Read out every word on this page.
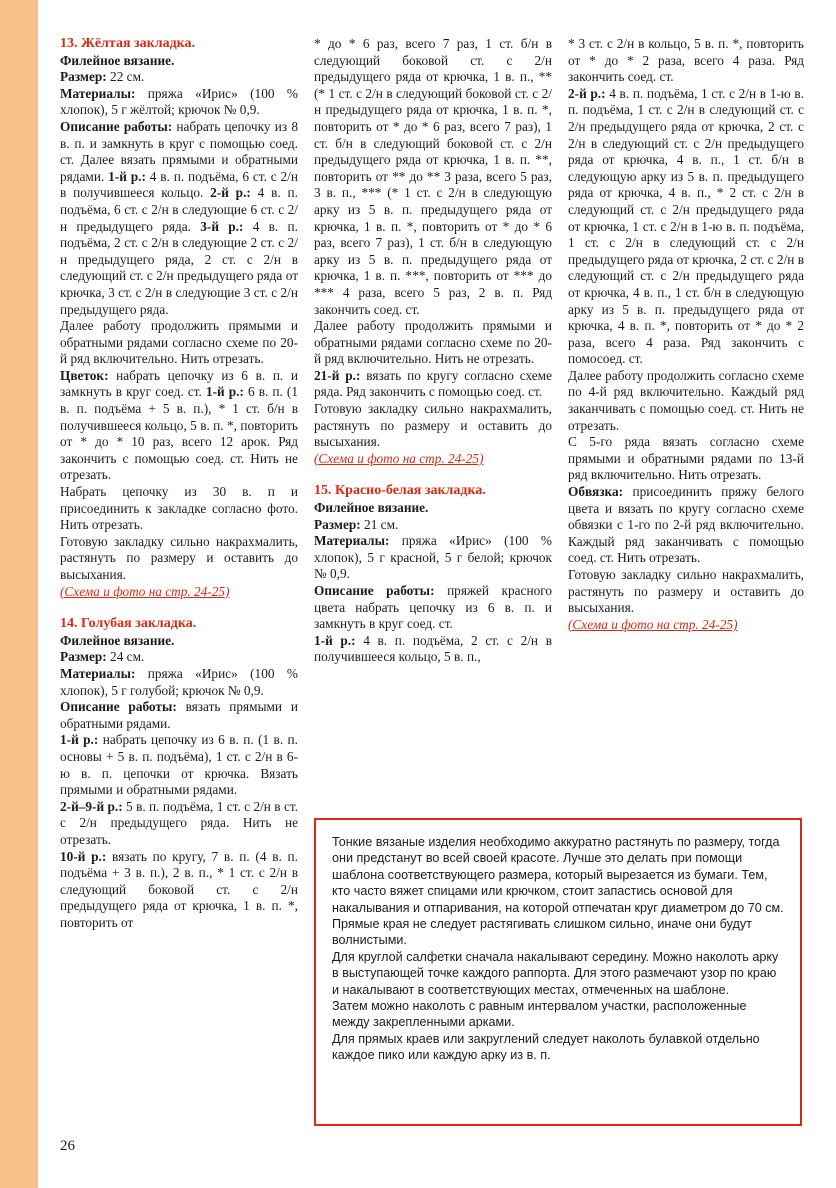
13. Жёлтая закладка.

Филейное вязание.

Размер: 22 см.

Материалы: пряжа «Ирис» (100 % хлопок), 5 г жёлтой; крючок № 0,9.

Описание работы: набрать цепочку из 8 в. п. и замкнуть в круг с помощью соед. ст. Далее вязать прямыми и обратными рядами. 1-й р.: 4 в. п. подъёма, 6 ст. с 2/н в получившееся кольцо. 2-й р.: 4 в. п. подъёма, 6 ст. с 2/н в следующие 6 ст. с 2/н предыдущего ряда. 3-й р.: 4 в. п. подъёма, 2 ст. с 2/н в следующие 2 ст. с 2/н предыдущего ряда, 2 ст. с 2/н в следующий ст. с 2/н предыдущего ряда от крючка, 3 ст. с 2/н в следующие 3 ст. с 2/н предыдущего ряда.

Далее работу продолжить прямыми и обратными рядами согласно схеме по 20-й ряд включительно. Нить отрезать.

Цветок: набрать цепочку из 6 в. п. и замкнуть в круг соед. ст. 1-й р.: 6 в. п. (1 в. п. подъёма + 5 в. п.), * 1 ст. б/н в получившееся кольцо, 5 в. п. *, повторить от * до * 10 раз, всего 12 арок. Ряд закончить с помощью соед. ст. Нить не отрезать.

Набрать цепочку из 30 в. п и присоединить к закладке согласно фото. Нить отрезать.

Готовую закладку сильно накрахмалить, растянуть по размеру и оставить до высыхания.

(Схема и фото на стр. 24-25)

14. Голубая закладка.

Филейное вязание.

Размер: 24 см.

Материалы: пряжа «Ирис» (100 % хлопок), 5 г голубой; крючок № 0,9.

Описание работы: вязать прямыми и обратными рядами.

1-й р.: набрать цепочку из 6 в. п. (1 в. п. основы + 5 в. п. подъёма), 1 ст. с 2/н в 6-ю в. п. цепочки от крючка. Вязать прямыми и обратными рядами.

2-й–9-й р.: 5 в. п. подъёма, 1 ст. с 2/н в ст. с 2/н предыдущего ряда. Нить не отрезать.

10-й р.: вязать по кругу, 7 в. п. (4 в. п. подъёма + 3 в. п.), 2 в. п., * 1 ст. с 2/н в следующий боковой ст. с 2/н предыдущего ряда от крючка, 1 в. п. *, повторить от

* до * 6 раз, всего 7 раз, 1 ст. б/н в следующий боковой ст. с 2/н предыдущего ряда от крючка, 1 в. п., ** (* 1 ст. с 2/н в следующий боковой ст. с 2/н предыдущего ряда от крючка, 1 в. п. *, повторить от * до * 6 раз, всего 7 раз), 1 ст. б/н в следующий боковой ст. с 2/н предыдущего ряда от крючка, 1 в. п. **, повторить от ** до ** 3 раза, всего 5 раз, 3 в. п., *** (* 1 ст. с 2/н в следующую арку из 5 в. п. предыдущего ряда от крючка, 1 в. п. *, повторить от * до * 6 раз, всего 7 раз), 1 ст. б/н в следующую арку из 5 в. п. предыдущего ряда от крючка, 1 в. п. ***, повторить от *** до *** 4 раза, всего 5 раз, 2 в. п. Ряд закончить соед. ст.

Далее работу продолжить прямыми и обратными рядами согласно схеме по 20-й ряд включительно. Нить не отрезать.

21-й р.: вязать по кругу согласно схеме ряда. Ряд закончить с помощью соед. ст.

Готовую закладку сильно накрахмалить, растянуть по размеру и оставить до высыхания.

(Схема и фото на стр. 24-25)

15. Красно-белая закладка.

Филейное вязание.

Размер: 21 см.

Материалы: пряжа «Ирис» (100 % хлопок), 5 г красной, 5 г белой; крючок № 0,9.

Описание работы: пряжей красного цвета набрать цепочку из 6 в. п. и замкнуть в круг соед. ст.

1-й р.: 4 в. п. подъёма, 2 ст. с 2/н в получившееся кольцо, 5 в. п.,

* 3 ст. с 2/н в кольцо, 5 в. п. *, повторить от * до * 2 раза, всего 4 раза. Ряд закончить соед. ст.

2-й р.: 4 в. п. подъёма, 1 ст. с 2/н в 1-ю в. п. подъёма, 1 ст. с 2/н в следующий ст. с 2/н предыдущего ряда от крючка, 2 ст. с 2/н в следующий ст. с 2/н предыдущего ряда от крючка, 4 в. п., 1 ст. б/н в следующую арку из 5 в. п. предыдущего ряда от крючка, 4 в. п., * 2 ст. с 2/н в следующий ст. с 2/н предыдущего ряда от крючка, 1 ст. с 2/н в 1-ю в. п. подъёма, 1 ст. с 2/н в следующий ст. с 2/н предыдущего ряда от крючка, 2 ст. с 2/н в следующий ст. с 2/н предыдущего ряда от крючка, 4 в. п., 1 ст. б/н в следующую арку из 5 в. п. предыдущего ряда от крючка, 4 в. п. *, повторить от * до * 2 раза, всего 4 раза. Ряд закончить с помосоед. ст.

Далее работу продолжить согласно схеме по 4-й ряд включительно. Каждый ряд заканчивать с помощью соед. ст. Нить не отрезать.

С 5-го ряда вязать согласно схеме прямыми и обратными рядами по 13-й ряд включительно. Нить отрезать.

Обвязка: присоединить пряжу белого цвета и вязать по кругу согласно схеме обвязки с 1-го по 2-й ряд включительно. Каждый ряд заканчивать с помощью соед. ст. Нить отрезать.

Готовую закладку сильно накрахмалить, растянуть по размеру и оставить до высыхания.

(Схема и фото на стр. 24-25)

Тонкие вязаные изделия необходимо аккуратно растянуть по размеру, тогда они предстанут во всей своей красоте. Лучше это делать при помощи шаблона соответствующего размера, который вырезается из бумаги. Тем, кто часто вяжет спицами или крючком, стоит запастись основой для накалывания и отпаривания, на которой отпечатан круг диаметром до 70 см. Прямые края не следует растягивать слишком сильно, иначе они будут волнистыми.

Для круглой салфетки сначала накалывают середину. Можно наколоть арку в выступающей точке каждого раппорта. Для этого размечают узор по краю и накалывают в соответствующих местах, отмеченных на шаблоне.

Затем можно наколоть с равным интервалом участки, расположенные между закрепленными арками.

Для прямых краев или закруглений следует наколоть булавкой отдельно каждое пико или каждую арку из в. п.

26
